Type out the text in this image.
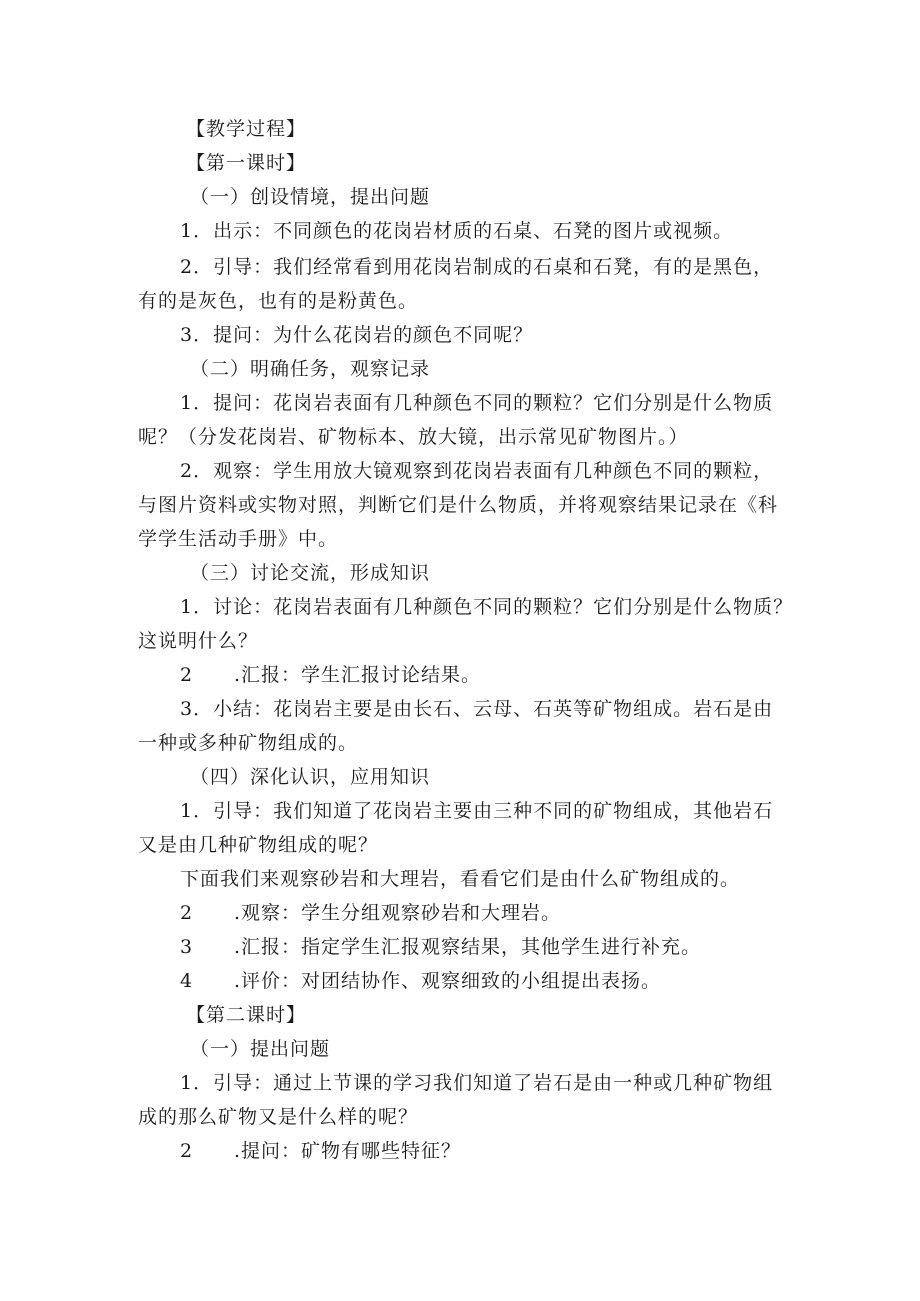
【教学过程】
【第一课时】
（一）创设情境，提出问题
1．出示：不同颜色的花岗岩材质的石桌、石凳的图片或视频。
2．引导：我们经常看到用花岗岩制成的石桌和石凳，有的是黑色，
有的是灰色，也有的是粉黄色。
3．提问：为什么花岗岩的颜色不同呢？
（二）明确任务，观察记录
1．提问：花岗岩表面有几种颜色不同的颗粒？它们分别是什么物质
呢？（分发花岗岩、矿物标本、放大镜，出示常见矿物图片。）
2．观察：学生用放大镜观察到花岗岩表面有几种颜色不同的颗粒，
与图片资料或实物对照，判断它们是什么物质，并将观察结果记录在《科
学学生活动手册》中。
（三）讨论交流，形成知识
1．讨论：花岗岩表面有几种颜色不同的颗粒？它们分别是什么物质？
这说明什么？
2 .汇报：学生汇报讨论结果。
3．小结：花岗岩主要是由长石、云母、石英等矿物组成。岩石是由
一种或多种矿物组成的。
（四）深化认识，应用知识
1．引导：我们知道了花岗岩主要由三种不同的矿物组成，其他岩石
又是由几种矿物组成的呢？
下面我们来观察砂岩和大理岩，看看它们是由什么矿物组成的。
2 .观察：学生分组观察砂岩和大理岩。
3 .汇报：指定学生汇报观察结果，其他学生进行补充。
4 .评价：对团结协作、观察细致的小组提出表扬。
【第二课时】
（一）提出问题
1．引导：通过上节课的学习我们知道了岩石是由一种或几种矿物组
成的那么矿物又是什么样的呢？
2 .提问：矿物有哪些特征？
